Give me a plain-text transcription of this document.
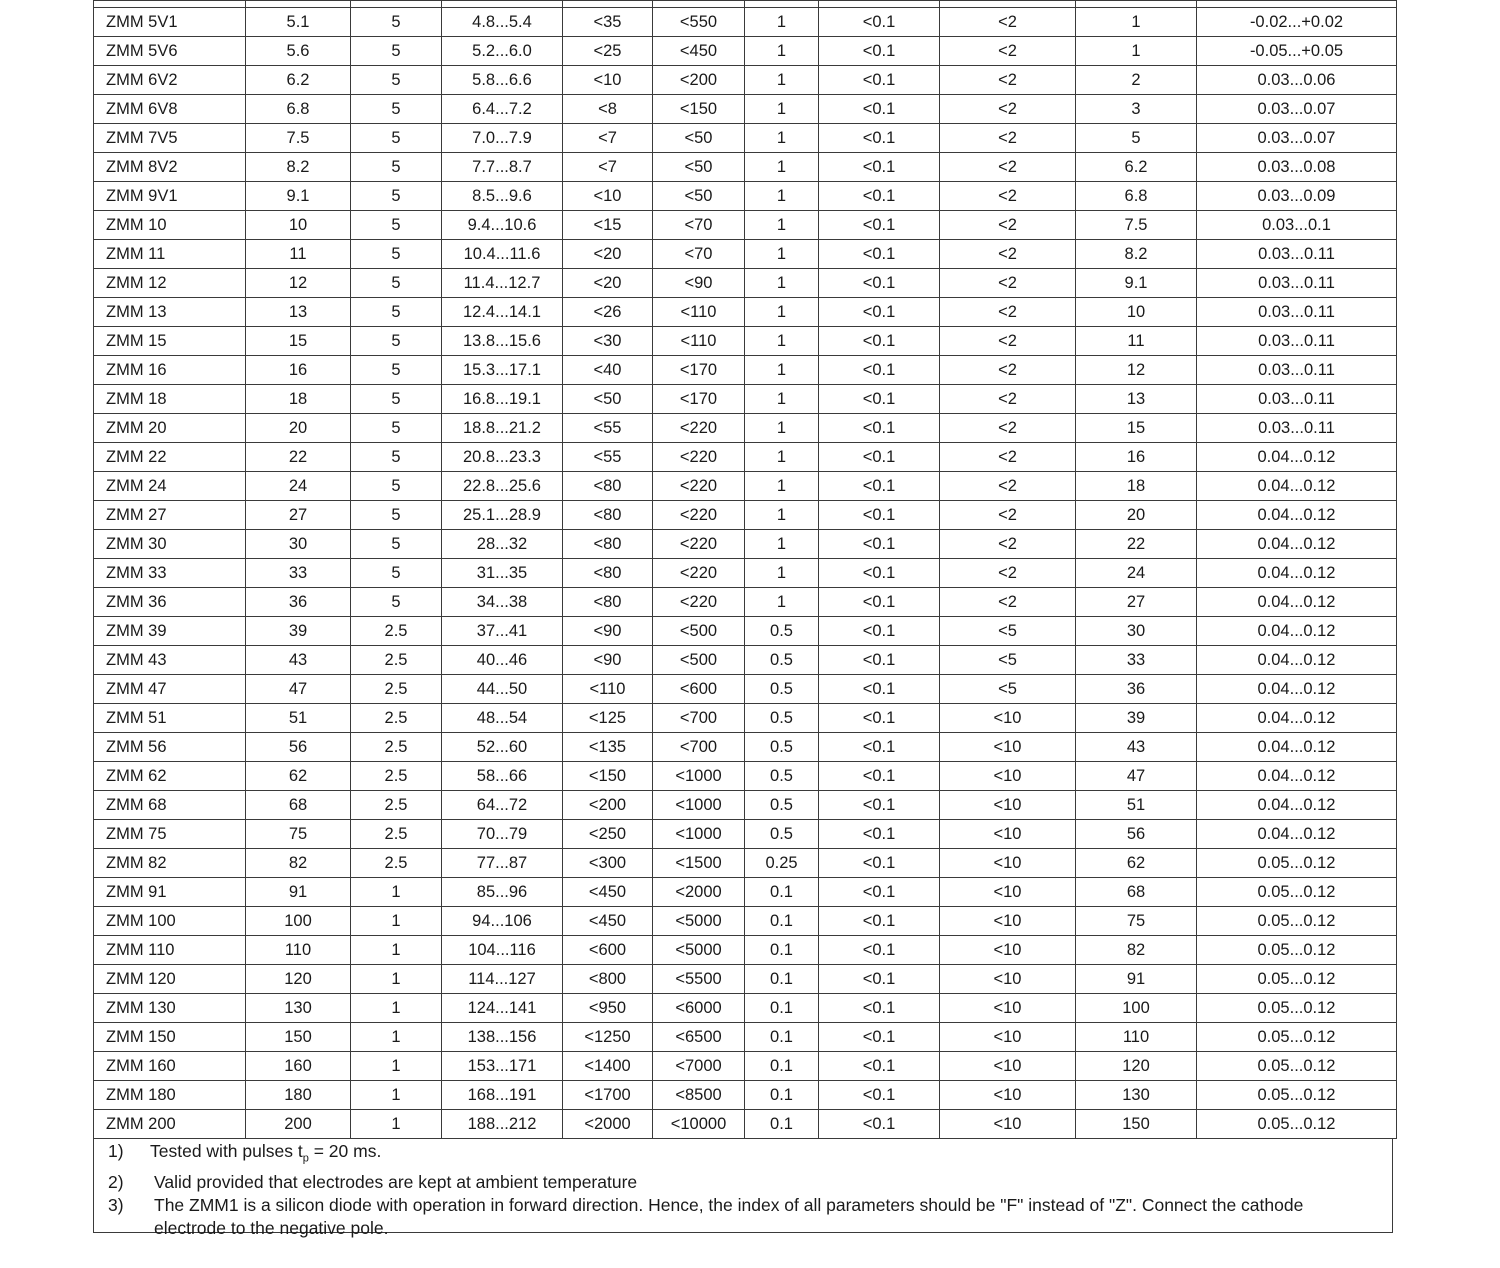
ZMM 5V1	5.1	5	4.8...5.4	<35	<550	1	<0.1	<2	1	-0.02...+0.02
ZMM 5V6	5.6	5	5.2...6.0	<25	<450	1	<0.1	<2	1	-0.05...+0.05
ZMM 6V2	6.2	5	5.8...6.6	<10	<200	1	<0.1	<2	2	0.03...0.06
ZMM 6V8	6.8	5	6.4...7.2	<8	<150	1	<0.1	<2	3	0.03...0.07
ZMM 7V5	7.5	5	7.0...7.9	<7	<50	1	<0.1	<2	5	0.03...0.07
ZMM 8V2	8.2	5	7.7...8.7	<7	<50	1	<0.1	<2	6.2	0.03...0.08
ZMM 9V1	9.1	5	8.5...9.6	<10	<50	1	<0.1	<2	6.8	0.03...0.09
ZMM 10	10	5	9.4...10.6	<15	<70	1	<0.1	<2	7.5	0.03...0.1
ZMM 11	11	5	10.4...11.6	<20	<70	1	<0.1	<2	8.2	0.03...0.11
ZMM 12	12	5	11.4...12.7	<20	<90	1	<0.1	<2	9.1	0.03...0.11
ZMM 13	13	5	12.4...14.1	<26	<110	1	<0.1	<2	10	0.03...0.11
ZMM 15	15	5	13.8...15.6	<30	<110	1	<0.1	<2	11	0.03...0.11
ZMM 16	16	5	15.3...17.1	<40	<170	1	<0.1	<2	12	0.03...0.11
ZMM 18	18	5	16.8...19.1	<50	<170	1	<0.1	<2	13	0.03...0.11
ZMM 20	20	5	18.8...21.2	<55	<220	1	<0.1	<2	15	0.03...0.11
ZMM 22	22	5	20.8...23.3	<55	<220	1	<0.1	<2	16	0.04...0.12
ZMM 24	24	5	22.8...25.6	<80	<220	1	<0.1	<2	18	0.04...0.12
ZMM 27	27	5	25.1...28.9	<80	<220	1	<0.1	<2	20	0.04...0.12
ZMM 30	30	5	28...32	<80	<220	1	<0.1	<2	22	0.04...0.12
ZMM 33	33	5	31...35	<80	<220	1	<0.1	<2	24	0.04...0.12
ZMM 36	36	5	34...38	<80	<220	1	<0.1	<2	27	0.04...0.12
ZMM 39	39	2.5	37...41	<90	<500	0.5	<0.1	<5	30	0.04...0.12
ZMM 43	43	2.5	40...46	<90	<500	0.5	<0.1	<5	33	0.04...0.12
ZMM 47	47	2.5	44...50	<110	<600	0.5	<0.1	<5	36	0.04...0.12
ZMM 51	51	2.5	48...54	<125	<700	0.5	<0.1	<10	39	0.04...0.12
ZMM 56	56	2.5	52...60	<135	<700	0.5	<0.1	<10	43	0.04...0.12
ZMM 62	62	2.5	58...66	<150	<1000	0.5	<0.1	<10	47	0.04...0.12
ZMM 68	68	2.5	64...72	<200	<1000	0.5	<0.1	<10	51	0.04...0.12
ZMM 75	75	2.5	70...79	<250	<1000	0.5	<0.1	<10	56	0.04...0.12
ZMM 82	82	2.5	77...87	<300	<1500	0.25	<0.1	<10	62	0.05...0.12
ZMM 91	91	1	85...96	<450	<2000	0.1	<0.1	<10	68	0.05...0.12
ZMM 100	100	1	94...106	<450	<5000	0.1	<0.1	<10	75	0.05...0.12
ZMM 110	110	1	104...116	<600	<5000	0.1	<0.1	<10	82	0.05...0.12
ZMM 120	120	1	114...127	<800	<5500	0.1	<0.1	<10	91	0.05...0.12
ZMM 130	130	1	124...141	<950	<6000	0.1	<0.1	<10	100	0.05...0.12
ZMM 150	150	1	138...156	<1250	<6500	0.1	<0.1	<10	110	0.05...0.12
ZMM 160	160	1	153...171	<1400	<7000	0.1	<0.1	<10	120	0.05...0.12
ZMM 180	180	1	168...191	<1700	<8500	0.1	<0.1	<10	130	0.05...0.12
ZMM 200	200	1	188...212	<2000	<10000	0.1	<0.1	<10	150	0.05...0.12
1)	Tested with pulses $t_p = 20$ ms.
2)	Valid provided that electrodes are kept at ambient temperature
3)	The ZMM1 is a silicon diode with operation in forward direction. Hence, the index of all parameters should be "F" instead of "Z". Connect the cathode electrode to the negative pole.
